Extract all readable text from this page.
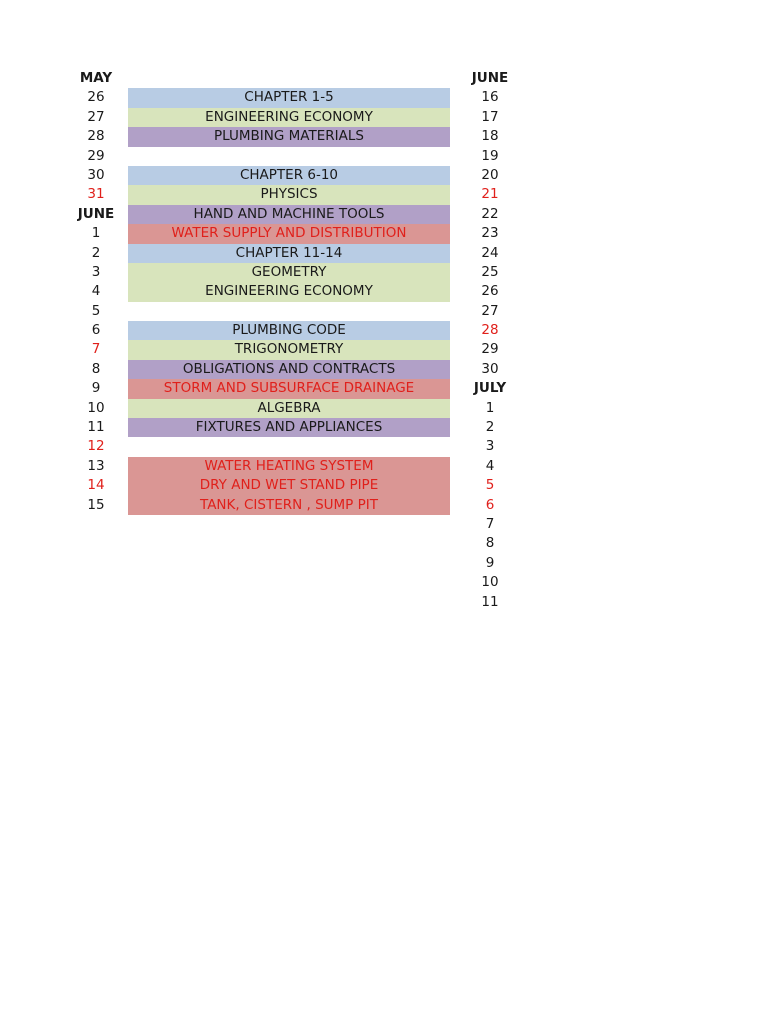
MAY
26
27
28
29
30
31
JUNE
1
2
3
4
5
6
7
8
9
10
11
12
13
14
15
CHAPTER 1-5
ENGINEERING ECONOMY
PLUMBING MATERIALS
CHAPTER 6-10
PHYSICS
HAND AND MACHINE TOOLS
WATER SUPPLY AND DISTRIBUTION
CHAPTER 11-14
GEOMETRY
ENGINEERING ECONOMY
PLUMBING CODE
TRIGONOMETRY
OBLIGATIONS AND CONTRACTS
STORM AND SUBSURFACE DRAINAGE
ALGEBRA
FIXTURES AND APPLIANCES
WATER HEATING SYSTEM
DRY AND WET STAND PIPE
TANK, CISTERN , SUMP PIT
JUNE
16
17
18
19
20
21
22
23
24
25
26
27
28
29
30
JULY
1
2
3
4
5
6
7
8
9
10
11
